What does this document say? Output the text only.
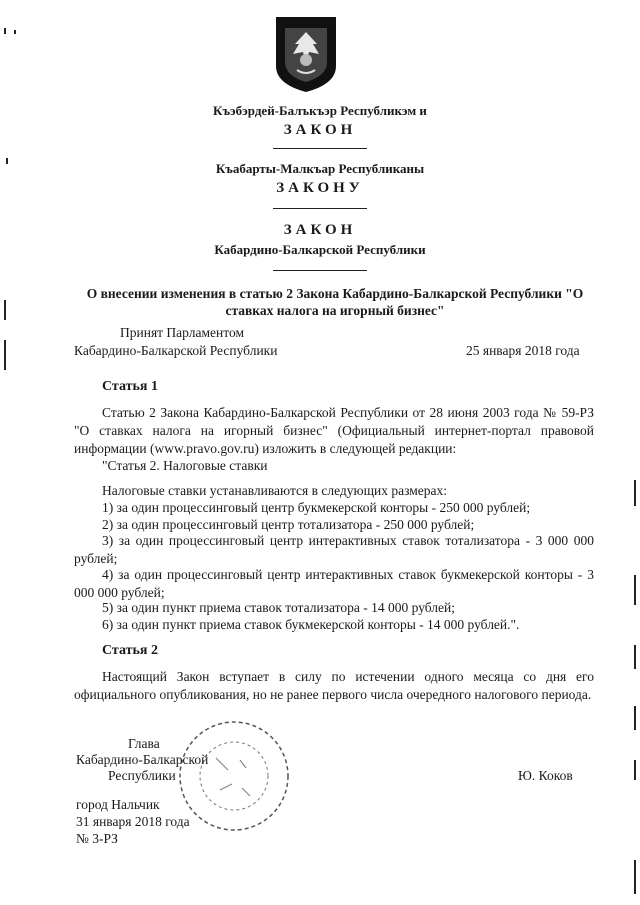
Къэбэрдей-Балъкъэр Республикэм и
ЗАКОН
Къабарты-Малкъар Республиканы
ЗАКОНУ
ЗАКОН
Кабардино-Балкарской Республики
О внесении изменения в статью 2 Закона Кабардино-Балкарской Республики "О ставках налога на игорный бизнес"
Принят Парламентом
Кабардино-Балкарской Республики	25 января 2018 года
Статья 1
Статью 2 Закона Кабардино-Балкарской Республики от 28 июня 2003 года № 59-РЗ "О ставках налога на игорный бизнес" (Официальный интернет-портал правовой информации (www.pravo.gov.ru) изложить в следующей редакции:
"Статья 2. Налоговые ставки
Налоговые ставки устанавливаются в следующих размерах:
1) за один процессинговый центр букмекерской конторы - 250 000 рублей;
2) за один процессинговый центр тотализатора - 250 000 рублей;
3) за один процессинговый центр интерактивных ставок тотализатора - 3 000 000 рублей;
4) за один процессинговый центр интерактивных ставок букмекерской конторы - 3 000 000 рублей;
5) за один пункт приема ставок тотализатора - 14 000 рублей;
6) за один пункт приема ставок букмекерской конторы - 14 000 рублей.".
Статья 2
Настоящий Закон вступает в силу по истечении одного месяца со дня его официального опубликования, но не ранее первого числа очередного налогового периода.
Глава
Кабардино-Балкарской
Республики	Ю. Коков
город Нальчик
31 января 2018 года
№ 3-РЗ
